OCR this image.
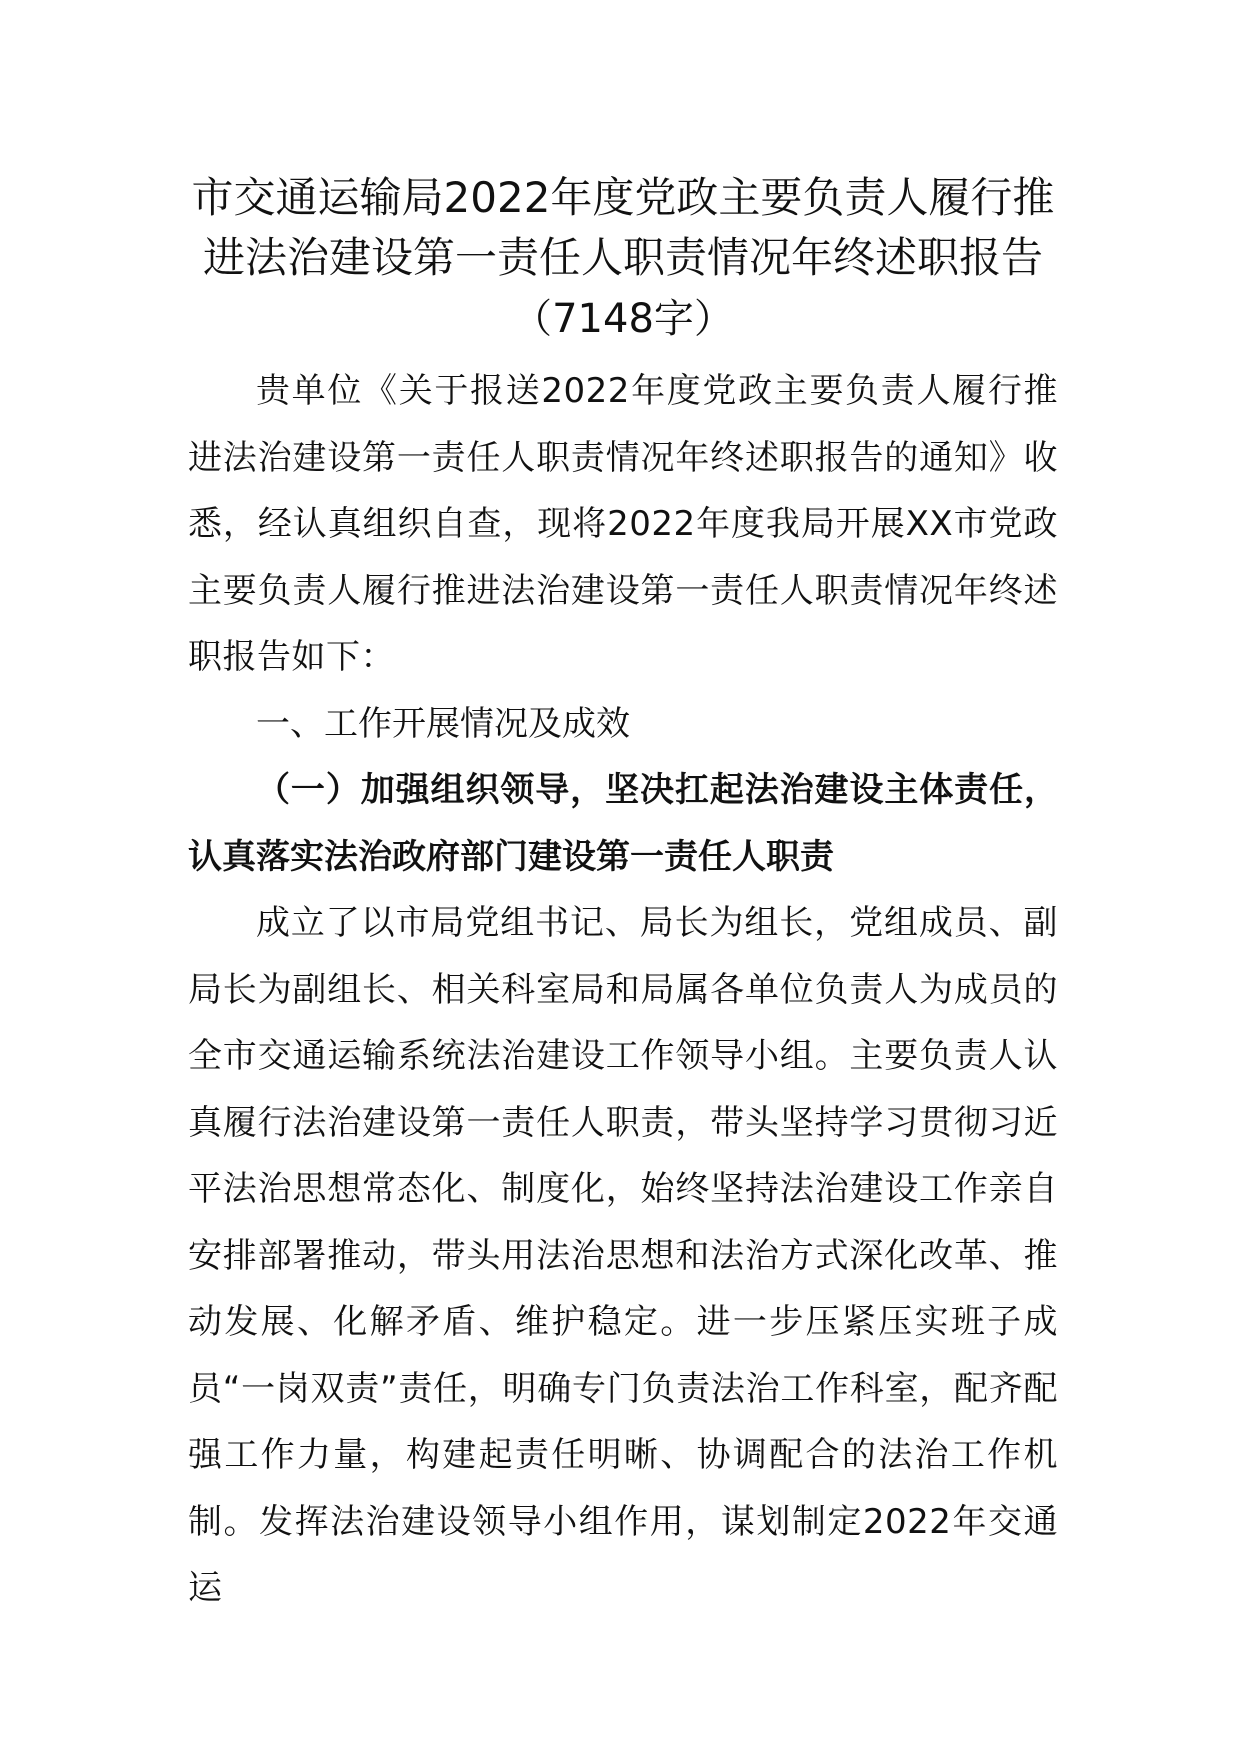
市交通运输局2022年度党政主要负责人履行推进法治建设第一责任人职责情况年终述职报告

（7148字）

贵单位《关于报送2022年度党政主要负责人履行推进法治建设第一责任人职责情况年终述职报告的通知》收悉，经认真组织自查，现将2022年度我局开展XX市党政主要负责人履行推进法治建设第一责任人职责情况年终述职报告如下：

一、工作开展情况及成效

（一）加强组织领导，坚决扛起法治建设主体责任，认真落实法治政府部门建设第一责任人职责

成立了以市局党组书记、局长为组长，党组成员、副局长为副组长、相关科室局和局属各单位负责人为成员的全市交通运输系统法治建设工作领导小组。主要负责人认真履行法治建设第一责任人职责，带头坚持学习贯彻习近平法治思想常态化、制度化，始终坚持法治建设工作亲自安排部署推动，带头用法治思想和法治方式深化改革、推动发展、化解矛盾、维护稳定。进一步压紧压实班子成员“一岗双责”责任，明确专门负责法治工作科室，配齐配强工作力量，构建起责任明晰、协调配合的法治工作机制。发挥法治建设领导小组作用，谋划制定2022年交通运
